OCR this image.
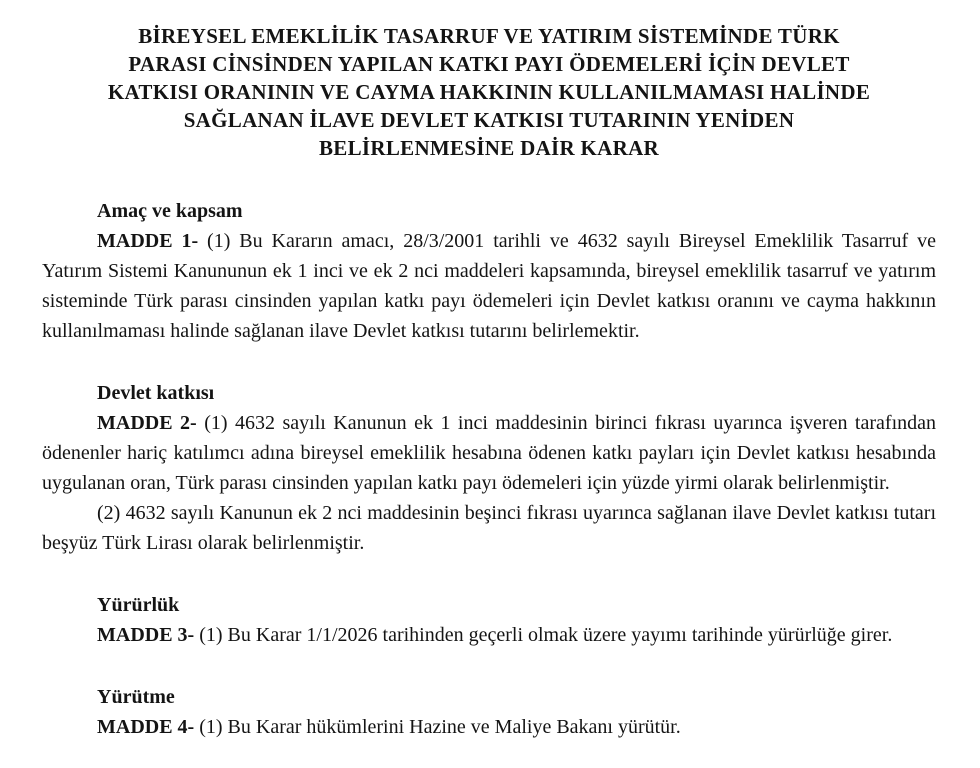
BİREYSEL EMEKLİLİK TASARRUF VE YATIRIM SİSTEMİNDE TÜRK
PARASI CİNSİNDEN YAPILAN KATKI PAYI ÖDEMELERİ İÇİN DEVLET
KATKISI ORANININ VE CAYMA HAKKININ KULLANILMAMASI HALİNDE
SAĞLANAN İLAVE DEVLET KATKISI TUTARININ YENİDEN
BELİRLENMESİNE DAİR KARAR
Amaç ve kapsam

MADDE 1- (1) Bu Kararın amacı, 28/3/2001 tarihli ve 4632 sayılı Bireysel Emeklilik Tasarruf ve Yatırım Sistemi Kanununun ek 1 inci ve ek 2 nci maddeleri kapsamında, bireysel emeklilik tasarruf ve yatırım sisteminde Türk parası cinsinden yapılan katkı payı ödemeleri için Devlet katkısı oranını ve cayma hakkının kullanılmaması halinde sağlanan ilave Devlet katkısı tutarını belirlemektir.

Devlet katkısı

MADDE 2- (1) 4632 sayılı Kanunun ek 1 inci maddesinin birinci fıkrası uyarınca işveren tarafından ödenenler hariç katılımcı adına bireysel emeklilik hesabına ödenen katkı payları için Devlet katkısı hesabında uygulanan oran, Türk parası cinsinden yapılan katkı payı ödemeleri için yüzde yirmi olarak belirlenmiştir.

(2) 4632 sayılı Kanunun ek 2 nci maddesinin beşinci fıkrası uyarınca sağlanan ilave Devlet katkısı tutarı beşyüz Türk Lirası olarak belirlenmiştir.

Yürürlük

MADDE 3- (1) Bu Karar 1/1/2026 tarihinden geçerli olmak üzere yayımı tarihinde yürürlüğe girer.

Yürütme

MADDE 4- (1) Bu Karar hükümlerini Hazine ve Maliye Bakanı yürütür.
